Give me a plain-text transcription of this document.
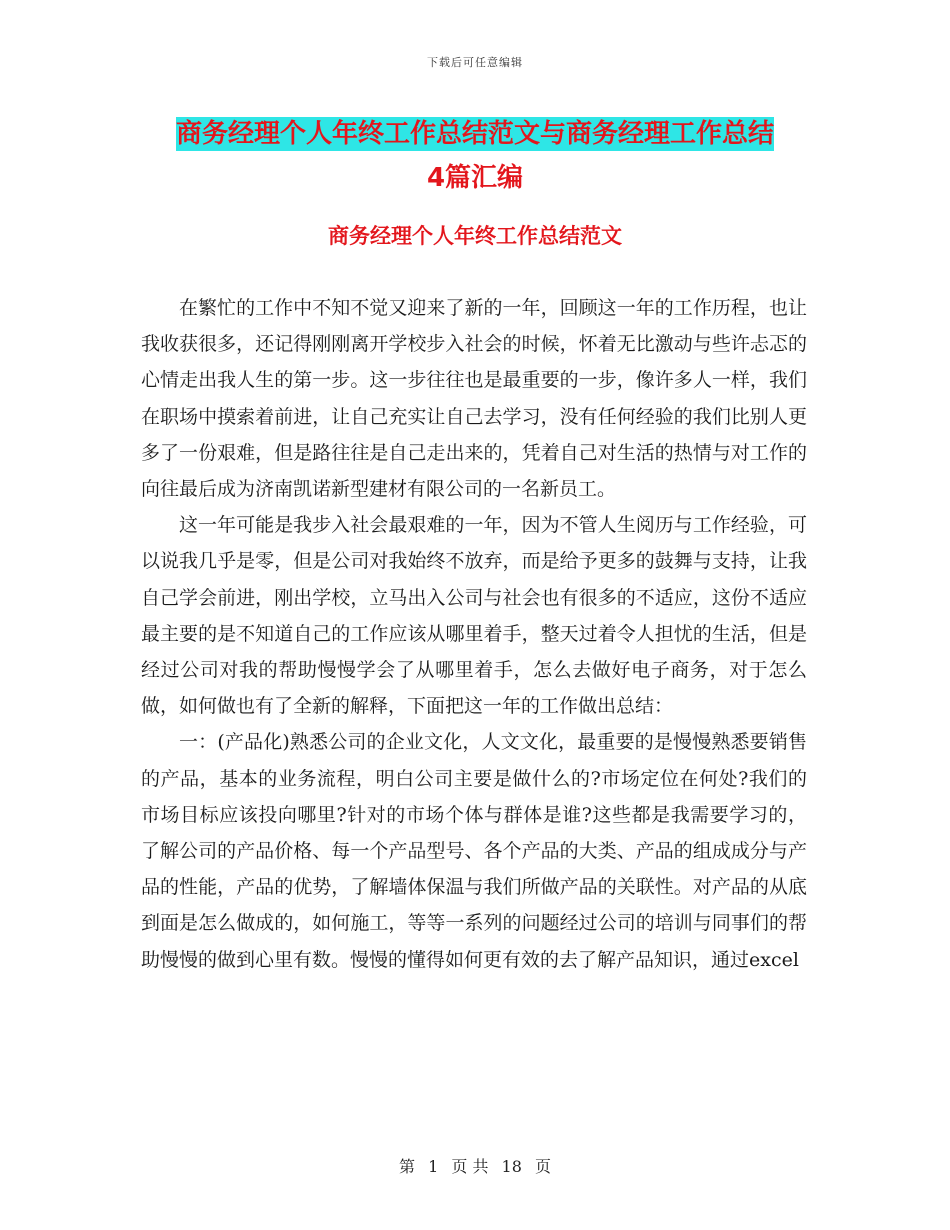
下载后可任意编辑
商务经理个人年终工作总结范文与商务经理工作总结
4篇汇编
商务经理个人年终工作总结范文

在繁忙的工作中不知不觉又迎来了新的一年，回顾这一年的工作历程，也让我收获很多，还记得刚刚离开学校步入社会的时候，怀着无比激动与些许忐忑的心情走出我人生的第一步。这一步往往也是最重要的一步，像许多人一样，我们在职场中摸索着前进，让自己充实让自己去学习，没有任何经验的我们比别人更多了一份艰难，但是路往往是自己走出来的，凭着自己对生活的热情与对工作的向往最后成为济南凯诺新型建材有限公司的一名新员工。

这一年可能是我步入社会最艰难的一年，因为不管人生阅历与工作经验，可以说我几乎是零，但是公司对我始终不放弃，而是给予更多的鼓舞与支持，让我自己学会前进，刚出学校，立马出入公司与社会也有很多的不适应，这份不适应最主要的是不知道自己的工作应该从哪里着手，整天过着令人担忧的生活，但是经过公司对我的帮助慢慢学会了从哪里着手，怎么去做好电子商务，对于怎么做，如何做也有了全新的解释，下面把这一年的工作做出总结：

一：(产品化)熟悉公司的企业文化，人文文化，最重要的是慢慢熟悉要销售的产品，基本的业务流程，明白公司主要是做什么的?市场定位在何处?我们的市场目标应该投向哪里?针对的市场个体与群体是谁?这些都是我需要学习的，了解公司的产品价格、每一个产品型号、各个产品的大类、产品的组成成分与产品的性能，产品的优势，了解墙体保温与我们所做产品的关联性。对产品的从底到面是怎么做成的，如何施工，等等一系列的问题经过公司的培训与同事们的帮助慢慢的做到心里有数。慢慢的懂得如何更有效的去了解产品知识，通过excel

第 1 页 共 18 页
